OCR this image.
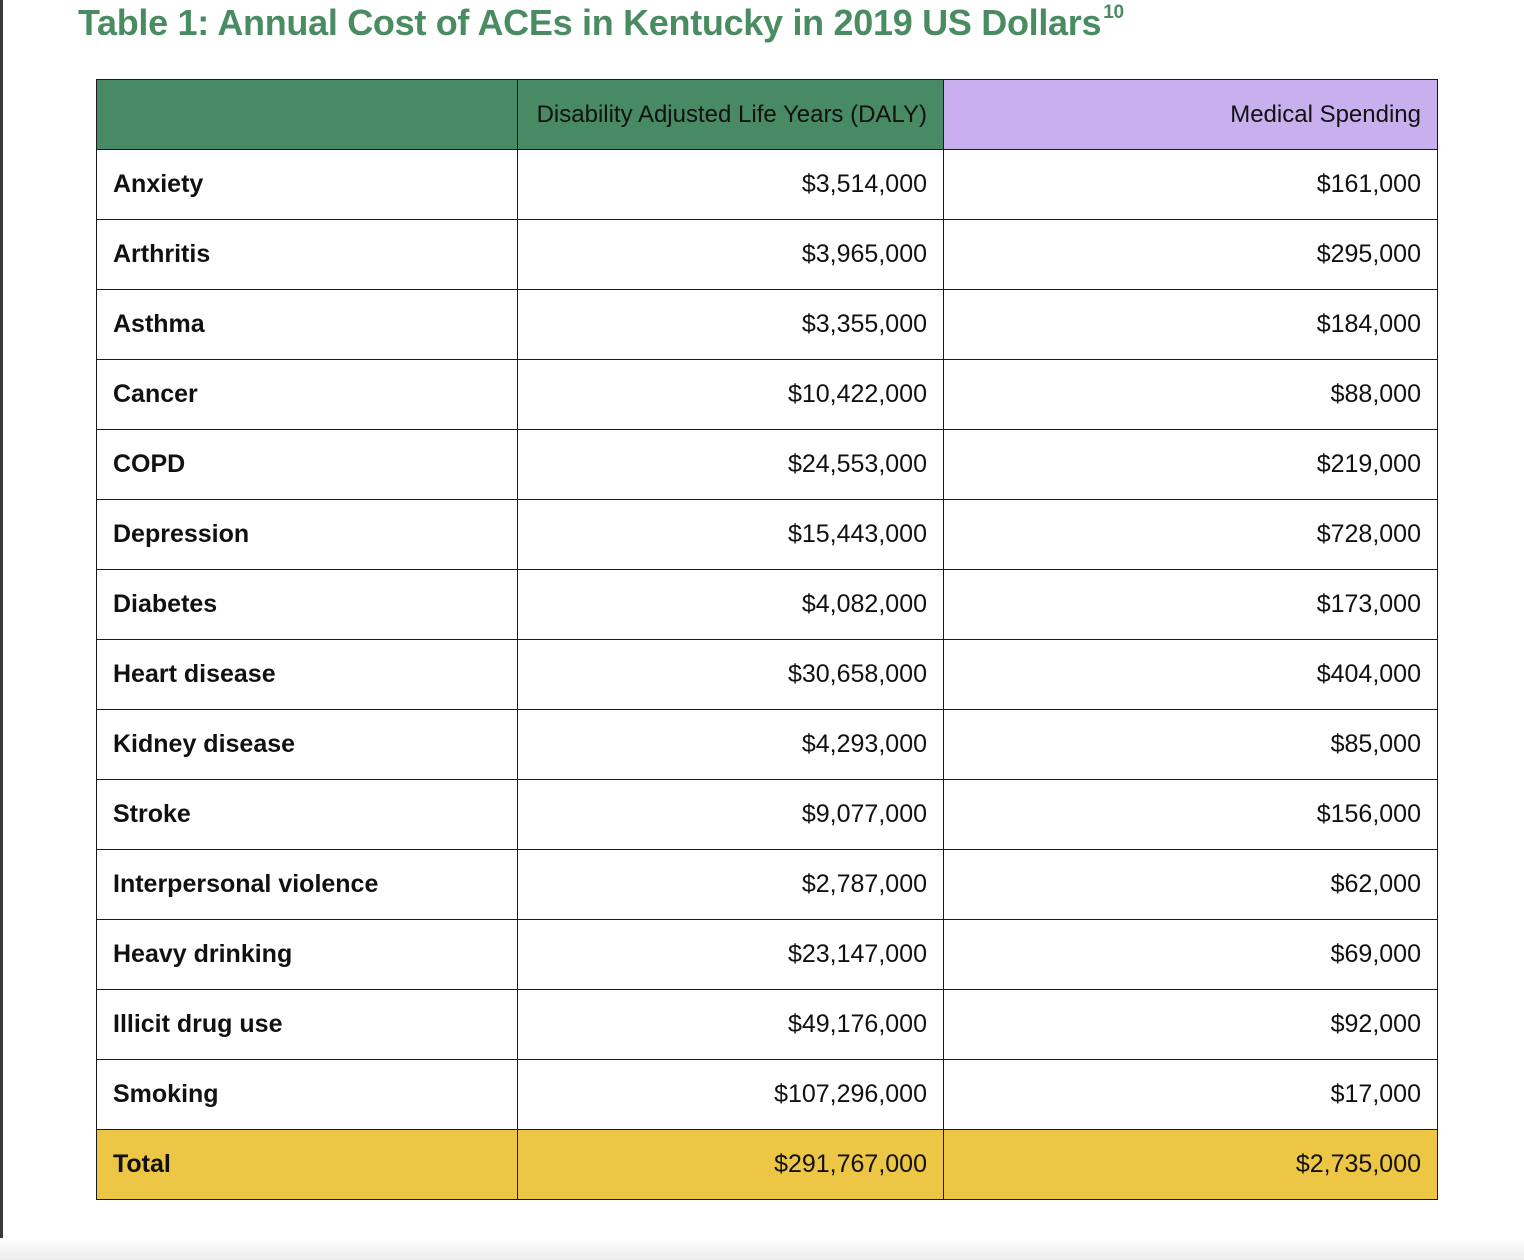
Table 1: Annual Cost of ACEs in Kentucky in 2019 US Dollars $^{10}$
	Disability Adjusted Life Years (DALY)	Medical Spending
Anxiety	$3,514,000	$161,000
Arthritis	$3,965,000	$295,000
Asthma	$3,355,000	$184,000
Cancer	$10,422,000	$88,000
COPD	$24,553,000	$219,000
Depression	$15,443,000	$728,000
Diabetes	$4,082,000	$173,000
Heart disease	$30,658,000	$404,000
Kidney disease	$4,293,000	$85,000
Stroke	$9,077,000	$156,000
Interpersonal violence	$2,787,000	$62,000
Heavy drinking	$23,147,000	$69,000
Illicit drug use	$49,176,000	$92,000
Smoking	$107,296,000	$17,000
Total	$291,767,000	$2,735,000
